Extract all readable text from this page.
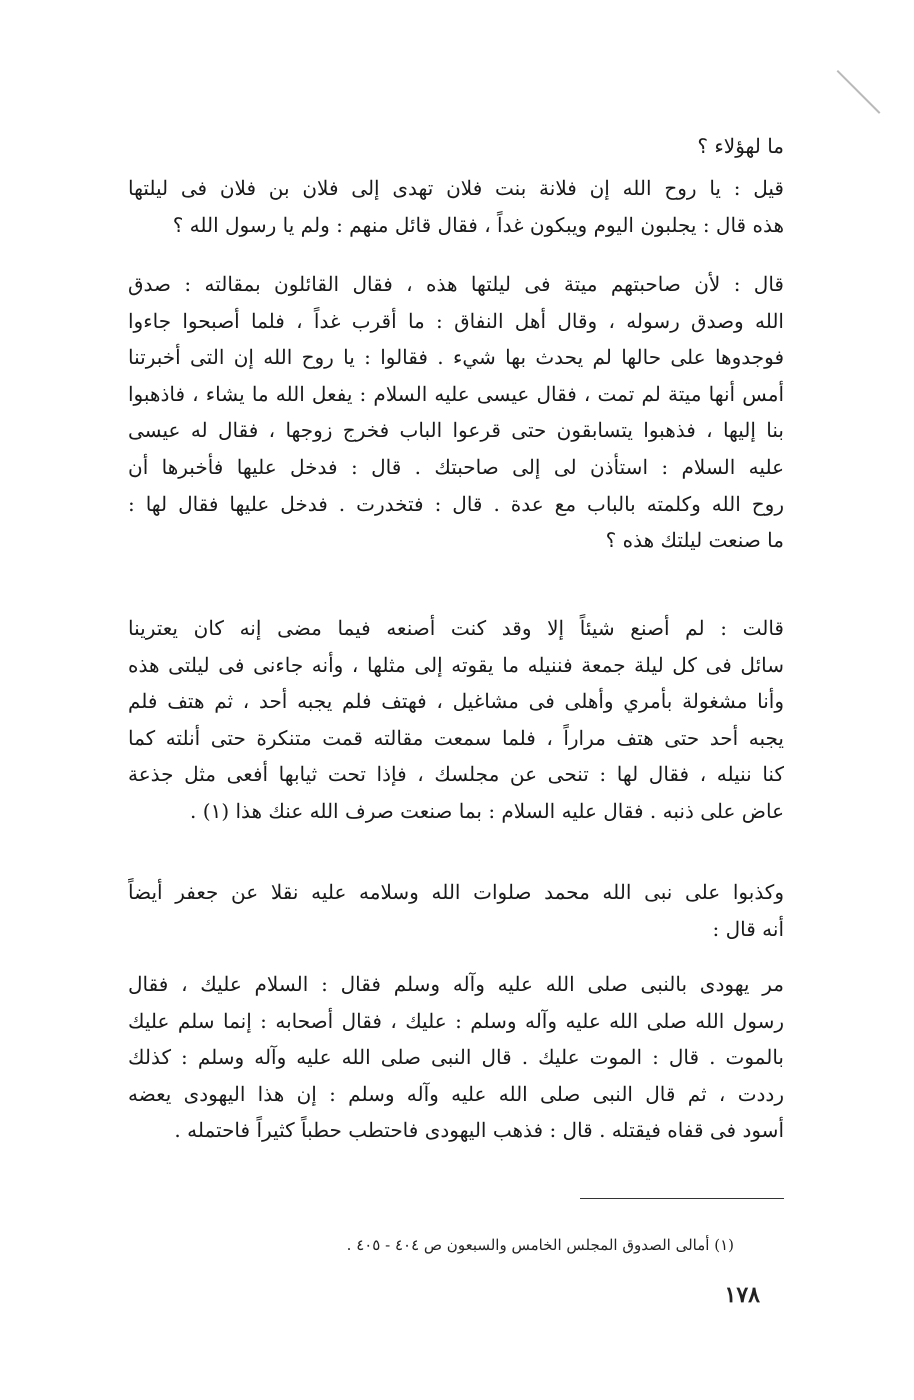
ما لهؤلاء ؟
قيل : يا روح الله إن فلانة بنت فلان تهدى إلى فلان بن فلان فى ليلتها
هذه قال : يجلبون اليوم ويبكون غداً ، فقال قائل منهم : ولم يا رسول الله ؟
قال : لأن صاحبتهم ميتة فى ليلتها هذه ، فقال القائلون بمقالته : صدق
الله وصدق رسوله ، وقال أهل النفاق : ما أقرب غداً ، فلما أصبحوا جاءوا
فوجدوها على حالها لم يحدث بها شيء . فقالوا : يا روح الله إن التى أخبرتنا
أمس أنها ميتة لم تمت ، فقال عيسى عليه السلام : يفعل الله ما يشاء ، فاذهبوا
بنا إليها ، فذهبوا يتسابقون حتى قرعوا الباب فخرج زوجها ، فقال له عيسى
عليه السلام : استأذن لى إلى صاحبتك . قال : فدخل عليها فأخبرها أن
روح الله وكلمته بالباب مع عدة . قال : فتخدرت . فدخل عليها فقال لها :
ما صنعت ليلتك هذه ؟
قالت : لم أصنع شيئاً إلا وقد كنت أصنعه فيما مضى إنه كان يعترينا
سائل فى كل ليلة جمعة فننيله ما يقوته إلى مثلها ، وأنه جاءنى فى ليلتى هذه
وأنا مشغولة بأمري وأهلى فى مشاغيل ، فهتف فلم يجبه أحد ، ثم هتف فلم
يجبه أحد حتى هتف مراراً ، فلما سمعت مقالته قمت متنكرة حتى أنلته كما
كنا ننيله ، فقال لها : تنحى عن مجلسك ، فإذا تحت ثيابها أفعى مثل جذعة
عاض على ذنبه . فقال عليه السلام : بما صنعت صرف الله عنك هذا (١) .
وكذبوا على نبى الله محمد صلوات الله وسلامه عليه نقلا عن جعفر أيضاً
أنه قال :
مر يهودى بالنبى صلى الله عليه وآله وسلم فقال : السلام عليك ، فقال
رسول الله صلى الله عليه وآله وسلم : عليك ، فقال أصحابه : إنما سلم عليك
بالموت . قال : الموت عليك . قال النبى صلى الله عليه وآله وسلم : كذلك
رددت ، ثم قال النبى صلى الله عليه وآله وسلم : إن هذا اليهودى يعضه
أسود فى قفاه فيقتله . قال : فذهب اليهودى فاحتطب حطباً كثيراً فاحتمله .
(١) أمالى الصدوق المجلس الخامس والسبعون ص ٤٠٤ - ٤٠٥ .
١٧٨
